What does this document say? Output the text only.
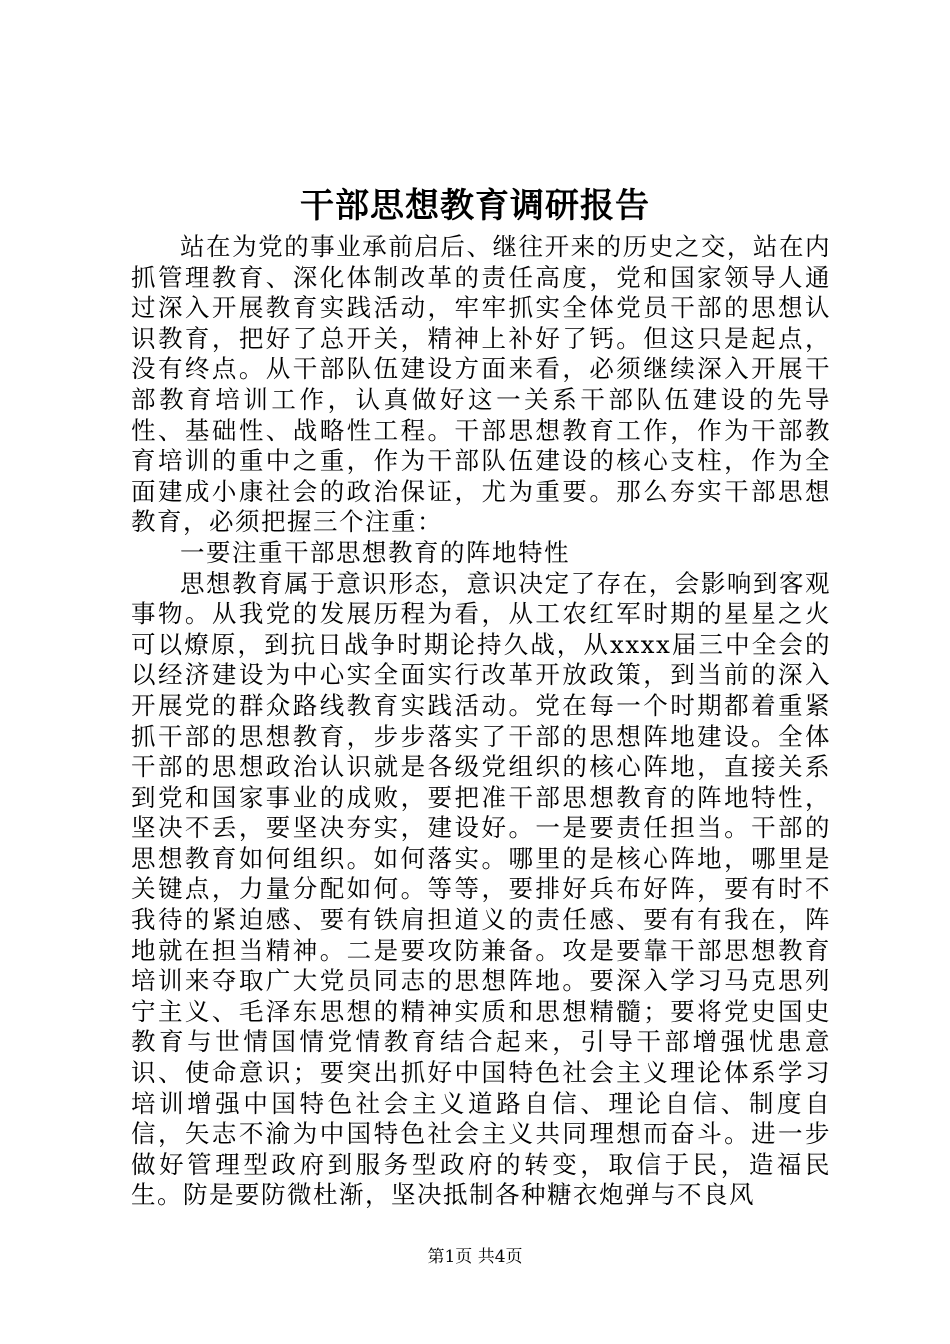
干部思想教育调研报告

站在为党的事业承前启后、继往开来的历史之交，站在内抓管理教育、深化体制改革的责任高度，党和国家领导人通过深入开展教育实践活动，牢牢抓实全体党员干部的思想认识教育，把好了总开关，精神上补好了钙。但这只是起点，没有终点。从干部队伍建设方面来看，必须继续深入开展干部教育培训工作，认真做好这一关系干部队伍建设的先导性、基础性、战略性工程。干部思想教育工作，作为干部教育培训的重中之重，作为干部队伍建设的核心支柱，作为全面建成小康社会的政治保证，尤为重要。那么夯实干部思想教育，必须把握三个注重：

一要注重干部思想教育的阵地特性

思想教育属于意识形态，意识决定了存在，会影响到客观事物。从我党的发展历程为看，从工农红军时期的星星之火可以燎原，到抗日战争时期论持久战，从xxxx届三中全会的以经济建设为中心实全面实行改革开放政策，到当前的深入开展党的群众路线教育实践活动。党在每一个时期都着重紧抓干部的思想教育，步步落实了干部的思想阵地建设。全体干部的思想政治认识就是各级党组织的核心阵地，直接关系到党和国家事业的成败，要把准干部思想教育的阵地特性，坚决不丢，要坚决夯实，建设好。一是要责任担当。干部的思想教育如何组织。如何落实。哪里的是核心阵地，哪里是关键点，力量分配如何。等等，要排好兵布好阵，要有时不我待的紧迫感、要有铁肩担道义的责任感、要有有我在，阵地就在担当精神。二是要攻防兼备。攻是要靠干部思想教育培训来夺取广大党员同志的思想阵地。要深入学习马克思列宁主义、毛泽东思想的精神实质和思想精髓；要将党史国史教育与世情国情党情教育结合起来，引导干部增强忧患意识、使命意识；要突出抓好中国特色社会主义理论体系学习培训增强中国特色社会主义道路自信、理论自信、制度自信，矢志不渝为中国特色社会主义共同理想而奋斗。进一步做好管理型政府到服务型政府的转变，取信于民，造福民生。防是要防微杜渐，坚决抵制各种糖衣炮弹与不良风

第1页 共4页
